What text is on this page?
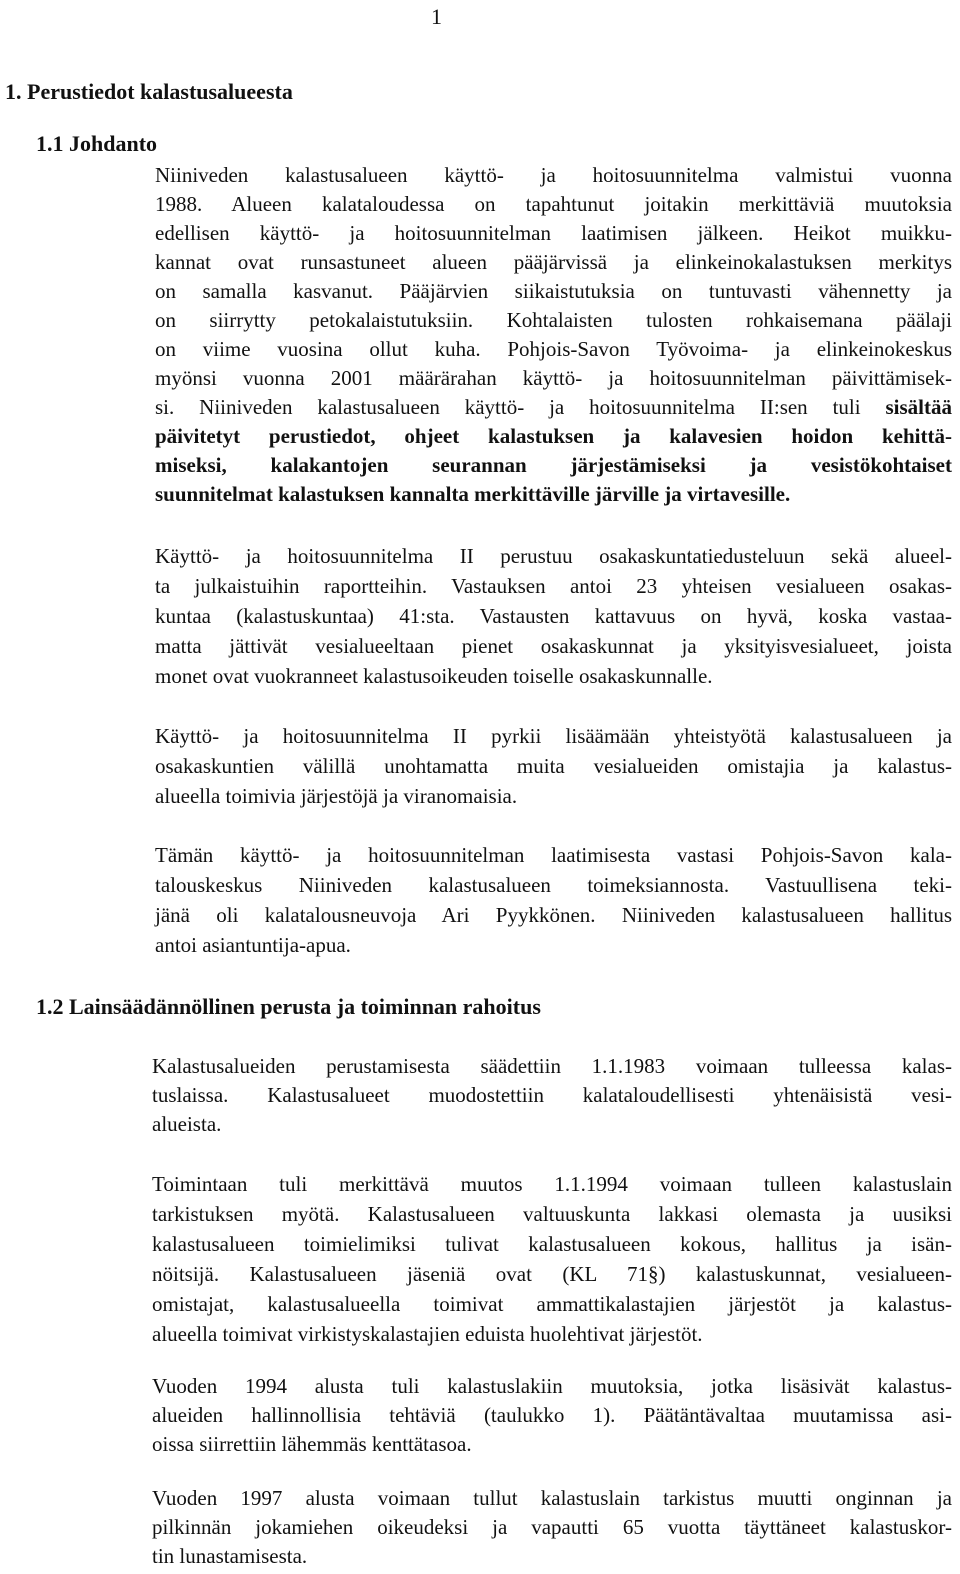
1
1. Perustiedot kalastusalueesta
1.1 Johdanto

Niiniveden kalastusalueen käyttö- ja hoitosuunnitelma valmistui vuonna

1988. Alueen kalataloudessa on tapahtunut joitakin merkittäviä muutoksia

edellisen käyttö- ja hoitosuunnitelman laatimisen jälkeen. Heikot muikku-

kannat ovat runsastuneet alueen pääjärvissä ja elinkeinokalastuksen merkitys

on samalla kasvanut. Pääjärvien siikaistutuksia on tuntuvasti vähennetty ja

on siirrytty petokalaistutuksiin. Kohtalaisten tulosten rohkaisemana päälaji

on viime vuosina ollut kuha. Pohjois-Savon Työvoima- ja elinkeinokeskus

myönsi vuonna 2001 määrärahan käyttö- ja hoitosuunnitelman päivittämisek-

si. Niiniveden kalastusalueen käyttö- ja hoitosuunnitelma II:sen tuli sisältää

päivitetyt perustiedot, ohjeet kalastuksen ja kalavesien hoidon kehittä-

miseksi, kalakantojen seurannan järjestämiseksi ja vesistökohtaiset

suunnitelmat kalastuksen kannalta merkittäville järville ja virtavesille.

Käyttö- ja hoitosuunnitelma II perustuu osakaskuntatiedusteluun sekä alueel-

ta julkaistuihin raportteihin. Vastauksen antoi 23 yhteisen vesialueen osakas-

kuntaa (kalastuskuntaa) 41:sta. Vastausten kattavuus on hyvä, koska vastaa-

matta jättivät vesialueeltaan pienet osakaskunnat ja yksityisvesialueet, joista

monet ovat vuokranneet kalastusoikeuden toiselle osakaskunnalle.

Käyttö- ja hoitosuunnitelma II pyrkii lisäämään yhteistyötä kalastusalueen ja

osakaskuntien välillä unohtamatta muita vesialueiden omistajia ja kalastus-

alueella toimivia järjestöjä ja viranomaisia.

Tämän käyttö- ja hoitosuunnitelman laatimisesta vastasi Pohjois-Savon kala-

talouskeskus Niiniveden kalastusalueen toimeksiannosta. Vastuullisena teki-

jänä oli kalatalousneuvoja Ari Pyykkönen. Niiniveden kalastusalueen hallitus

antoi asiantuntija-apua.

1.2 Lainsäädännöllinen perusta ja toiminnan rahoitus

Kalastusalueiden perustamisesta säädettiin 1.1.1983 voimaan tulleessa kalas-

tuslaissa. Kalastusalueet muodostettiin kalataloudellisesti yhtenäisistä vesi-

alueista.

Toimintaan tuli merkittävä muutos 1.1.1994 voimaan tulleen kalastuslain

tarkistuksen myötä. Kalastusalueen valtuuskunta lakkasi olemasta ja uusiksi

kalastusalueen toimielimiksi tulivat kalastusalueen kokous, hallitus ja isän-

nöitsijä. Kalastusalueen jäseniä ovat (KL 71§) kalastuskunnat, vesialueen-

omistajat, kalastusalueella toimivat ammattikalastajien järjestöt ja kalastus-

alueella toimivat virkistyskalastajien eduista huolehtivat järjestöt.

Vuoden 1994 alusta tuli kalastuslakiin muutoksia, jotka lisäsivät kalastus-

alueiden hallinnollisia tehtäviä (taulukko 1). Päätäntävaltaa muutamissa asi-

oissa siirrettiin lähemmäs kenttätasoa.

Vuoden 1997 alusta voimaan tullut kalastuslain tarkistus muutti onginnan ja

pilkinnän jokamiehen oikeudeksi ja vapautti 65 vuotta täyttäneet kalastuskor-

tin lunastamisesta.
